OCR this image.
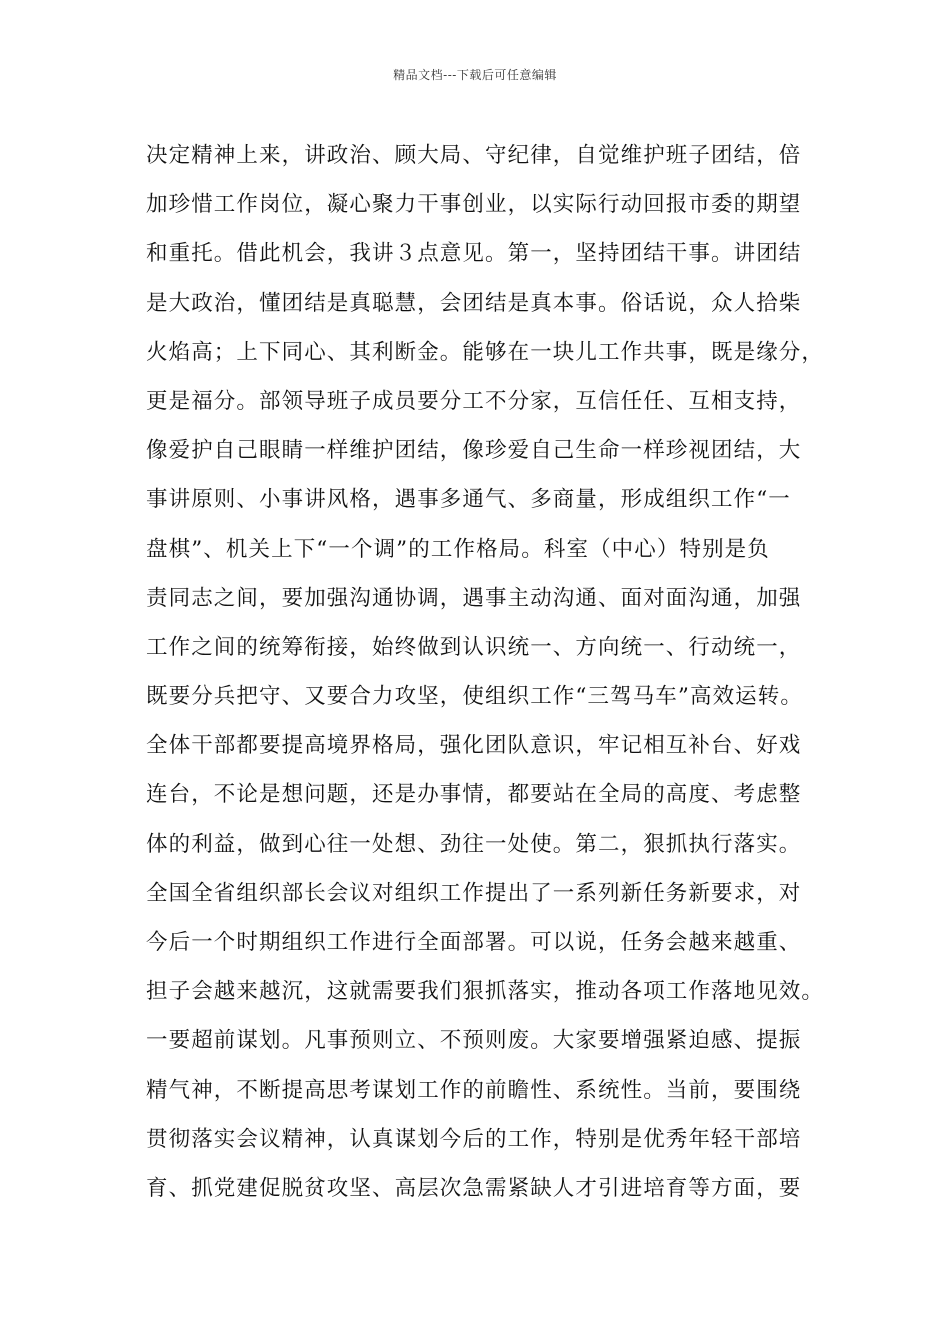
精品文档---下载后可任意编辑
决定精神上来，讲政治、顾大局、守纪律，自觉维护班子团结，倍
加珍惜工作岗位，凝心聚力干事创业，以实际行动回报市委的期望
和重托。借此机会，我讲３点意见。第一，坚持团结干事。讲团结
是大政治，懂团结是真聪慧，会团结是真本事。俗话说，众人拾柴
火焰高；上下同心、其利断金。能够在一块儿工作共事，既是缘分，
更是福分。部领导班子成员要分工不分家，互信任任、互相支持，
像爱护自己眼睛一样维护团结，像珍爱自己生命一样珍视团结，大
事讲原则、小事讲风格，遇事多通气、多商量，形成组织工作“一
盘棋”、机关上下“一个调”的工作格局。科室（中心）特别是负
责同志之间，要加强沟通协调，遇事主动沟通、面对面沟通，加强
工作之间的统筹衔接，始终做到认识统一、方向统一、行动统一，
既要分兵把守、又要合力攻坚，使组织工作“三驾马车”高效运转。
全体干部都要提高境界格局，强化团队意识，牢记相互补台、好戏
连台，不论是想问题，还是办事情，都要站在全局的高度、考虑整
体的利益，做到心往一处想、劲往一处使。第二，狠抓执行落实。
全国全省组织部长会议对组织工作提出了一系列新任务新要求，对
今后一个时期组织工作进行全面部署。可以说，任务会越来越重、
担子会越来越沉，这就需要我们狠抓落实，推动各项工作落地见效。
一要超前谋划。凡事预则立、不预则废。大家要增强紧迫感、提振
精气神，不断提高思考谋划工作的前瞻性、系统性。当前，要围绕
贯彻落实会议精神，认真谋划今后的工作，特别是优秀年轻干部培
育、抓党建促脱贫攻坚、高层次急需紧缺人才引进培育等方面，要
